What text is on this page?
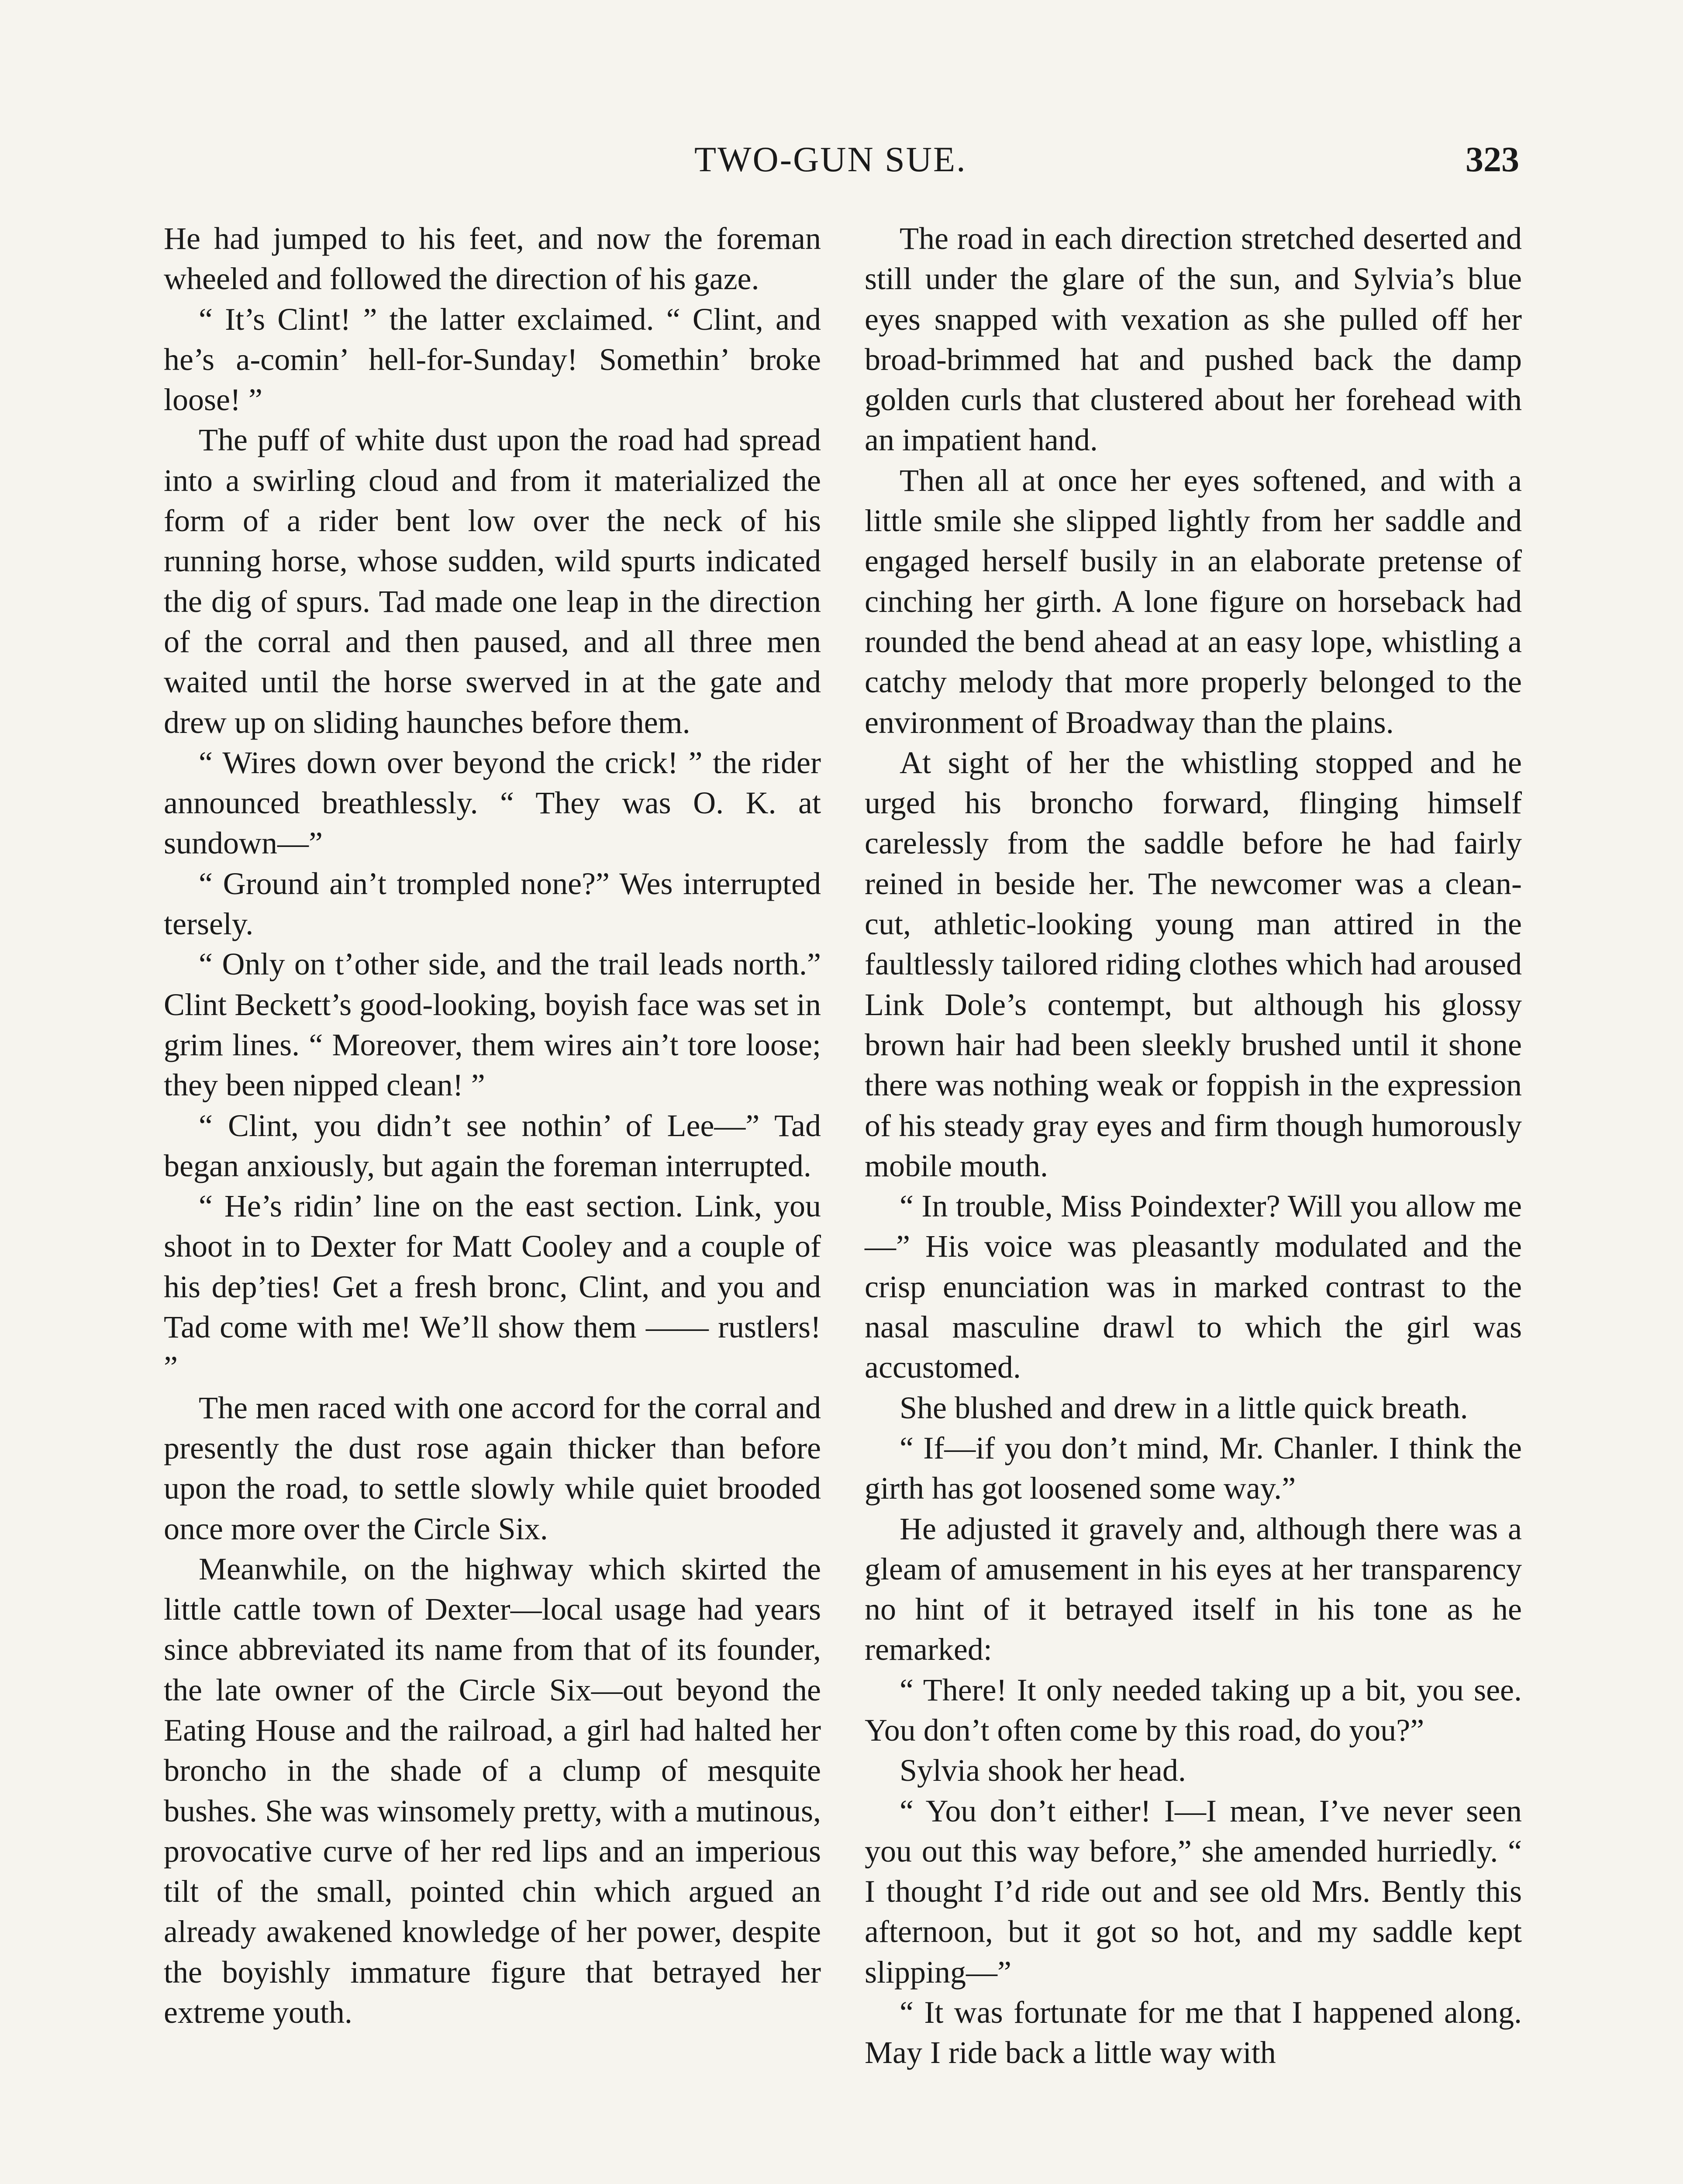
TWO-GUN SUE.	323

He had jumped to his feet, and now the foreman wheeled and followed the direction of his gaze.

“ It’s Clint! ” the latter exclaimed. “ Clint, and he’s a-comin’ hell-for-Sunday! Somethin’ broke loose! ”

The puff of white dust upon the road had spread into a swirling cloud and from it materialized the form of a rider bent low over the neck of his running horse, whose sudden, wild spurts indicated the dig of spurs. Tad made one leap in the direction of the corral and then paused, and all three men waited until the horse swerved in at the gate and drew up on sliding haunches before them.

“ Wires down over beyond the crick! ” the rider announced breathlessly. “ They was O. K. at sundown—”

“ Ground ain’t trompled none?” Wes interrupted tersely.

“ Only on t’other side, and the trail leads north.” Clint Beckett’s good-looking, boyish face was set in grim lines. “ Moreover, them wires ain’t tore loose; they been nipped clean! ”

“ Clint, you didn’t see nothin’ of Lee—” Tad began anxiously, but again the foreman interrupted.

“ He’s ridin’ line on the east section. Link, you shoot in to Dexter for Matt Cooley and a couple of his dep’ties! Get a fresh bronc, Clint, and you and Tad come with me! We’ll show them —— rustlers! ”

The men raced with one accord for the corral and presently the dust rose again thicker than before upon the road, to settle slowly while quiet brooded once more over the Circle Six.

Meanwhile, on the highway which skirted the little cattle town of Dexter—local usage had years since abbreviated its name from that of its founder, the late owner of the Circle Six—out beyond the Eating House and the railroad, a girl had halted her broncho in the shade of a clump of mesquite bushes. She was winsomely pretty, with a mutinous, provocative curve of her red lips and an imperious tilt of the small, pointed chin which argued an already awakened knowledge of her power, despite the boyishly immature figure that betrayed her extreme youth.

The road in each direction stretched deserted and still under the glare of the sun, and Sylvia’s blue eyes snapped with vexation as she pulled off her broad-brimmed hat and pushed back the damp golden curls that clustered about her forehead with an impatient hand.

Then all at once her eyes softened, and with a little smile she slipped lightly from her saddle and engaged herself busily in an elaborate pretense of cinching her girth. A lone figure on horseback had rounded the bend ahead at an easy lope, whistling a catchy melody that more properly belonged to the environment of Broadway than the plains.

At sight of her the whistling stopped and he urged his broncho forward, flinging himself carelessly from the saddle before he had fairly reined in beside her. The newcomer was a clean-cut, athletic-looking young man attired in the faultlessly tailored riding clothes which had aroused Link Dole’s contempt, but although his glossy brown hair had been sleekly brushed until it shone there was nothing weak or foppish in the expression of his steady gray eyes and firm though humorously mobile mouth.

“ In trouble, Miss Poindexter? Will you allow me—” His voice was pleasantly modulated and the crisp enunciation was in marked contrast to the nasal masculine drawl to which the girl was accustomed.

She blushed and drew in a little quick breath.

“ If—if you don’t mind, Mr. Chanler. I think the girth has got loosened some way.”

He adjusted it gravely and, although there was a gleam of amusement in his eyes at her transparency no hint of it betrayed itself in his tone as he remarked:

“ There! It only needed taking up a bit, you see. You don’t often come by this road, do you?”

Sylvia shook her head.

“ You don’t either! I—I mean, I’ve never seen you out this way before,” she amended hurriedly. “ I thought I’d ride out and see old Mrs. Bently this afternoon, but it got so hot, and my saddle kept slipping—”

“ It was fortunate for me that I happened along. May I ride back a little way with
